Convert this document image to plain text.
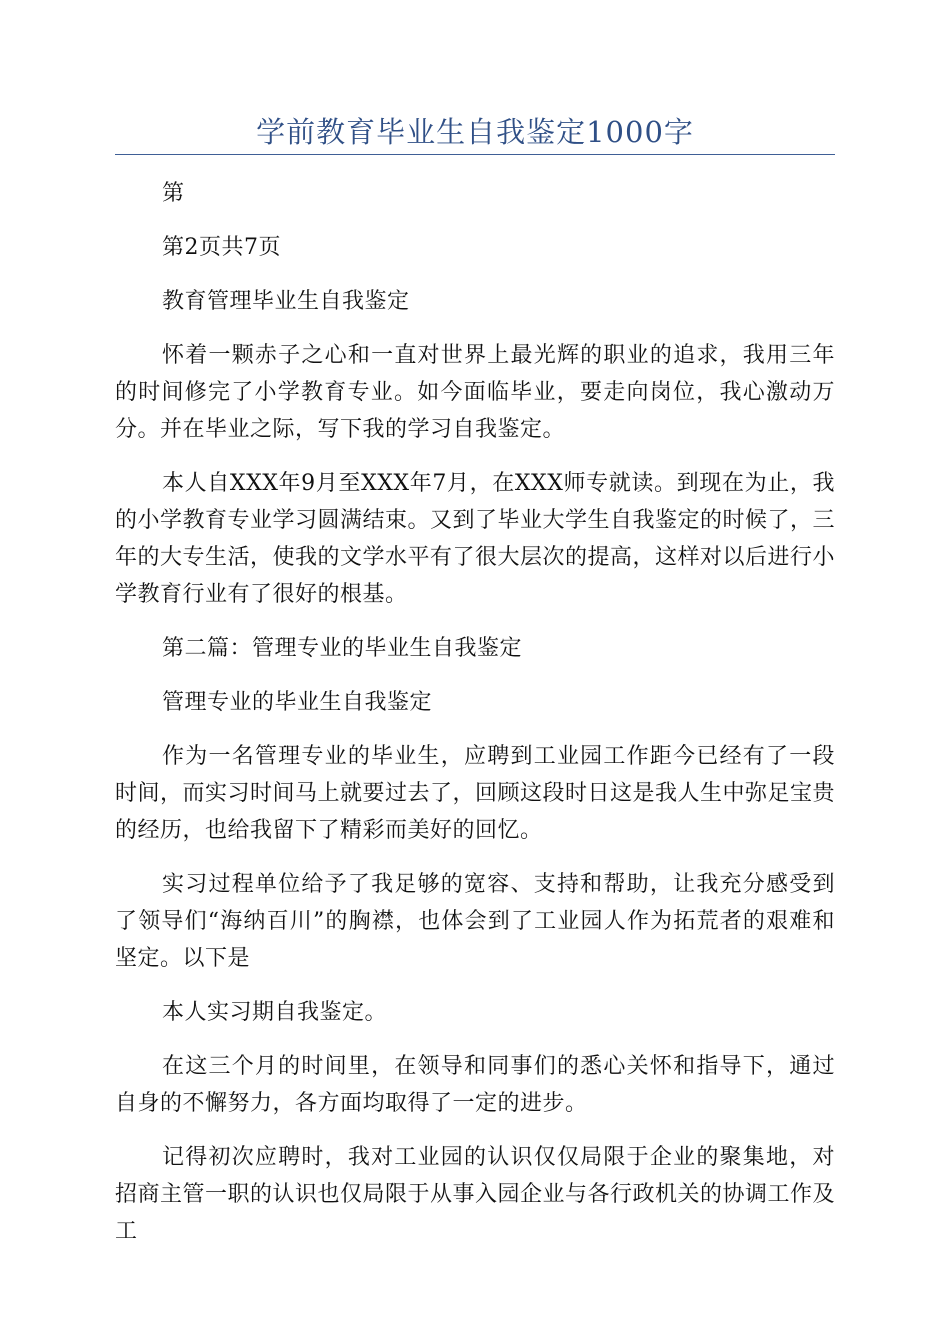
学前教育毕业生自我鉴定1000字

第

第2页共7页

教育管理毕业生自我鉴定

怀着一颗赤子之心和一直对世界上最光辉的职业的追求，我用三年的时间修完了小学教育专业。如今面临毕业，要走向岗位，我心激动万分。并在毕业之际，写下我的学习自我鉴定。

本人自XXX年9月至XXX年7月，在XXX师专就读。到现在为止，我的小学教育专业学习圆满结束。又到了毕业大学生自我鉴定的时候了，三年的大专生活，使我的文学水平有了很大层次的提高，这样对以后进行小学教育行业有了很好的根基。

第二篇：管理专业的毕业生自我鉴定

管理专业的毕业生自我鉴定

作为一名管理专业的毕业生，应聘到工业园工作距今已经有了一段时间，而实习时间马上就要过去了，回顾这段时日这是我人生中弥足宝贵的经历，也给我留下了精彩而美好的回忆。

实习过程单位给予了我足够的宽容、支持和帮助，让我充分感受到了领导们“海纳百川”的胸襟，也体会到了工业园人作为拓荒者的艰难和坚定。以下是

本人实习期自我鉴定。

在这三个月的时间里，在领导和同事们的悉心关怀和指导下，通过自身的不懈努力，各方面均取得了一定的进步。

记得初次应聘时，我对工业园的认识仅仅局限于企业的聚集地，对招商主管一职的认识也仅局限于从事入园企业与各行政机关的协调工作及工
